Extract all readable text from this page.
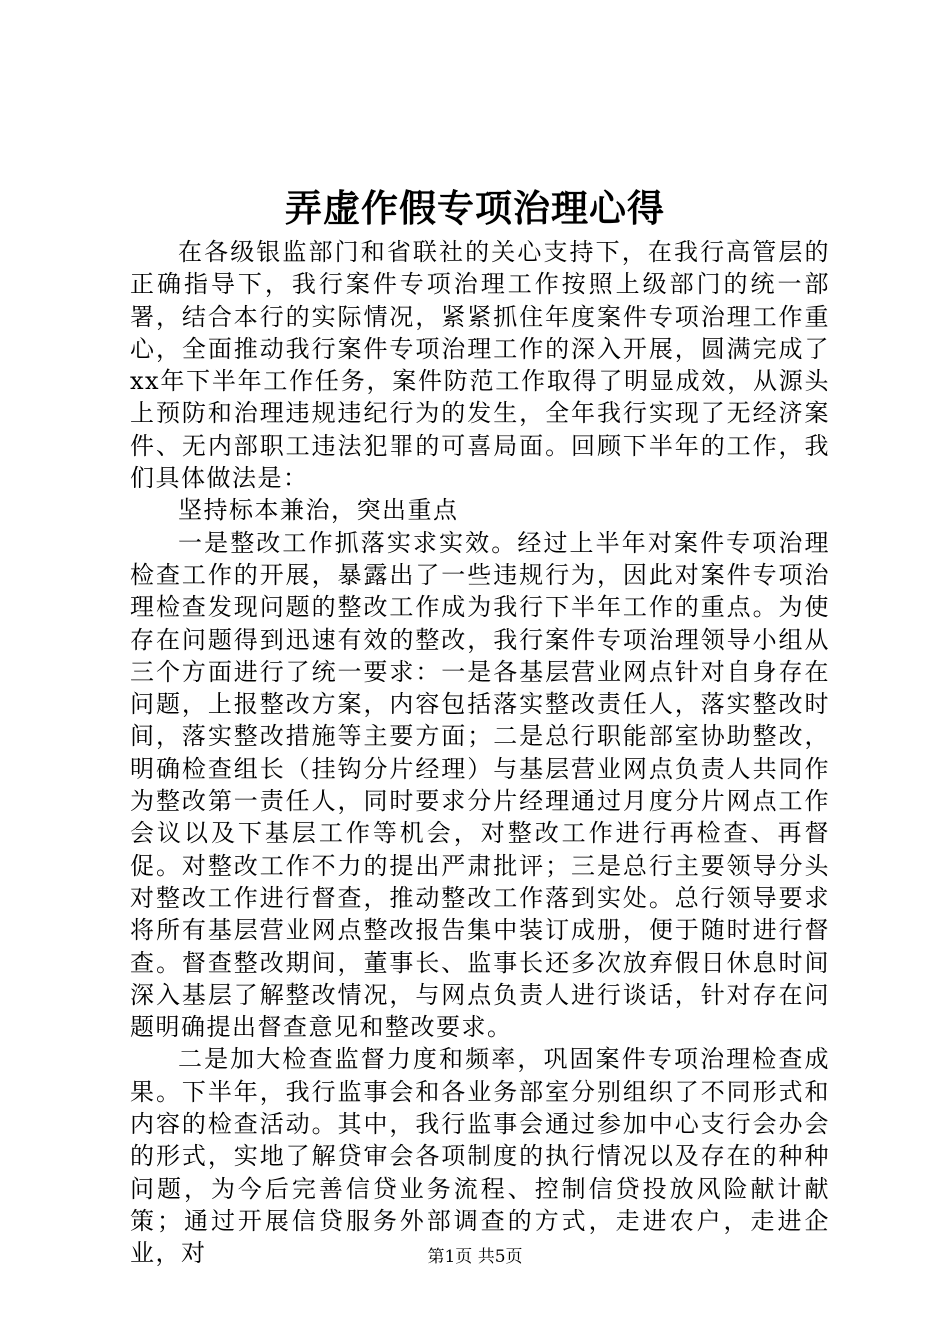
弄虚作假专项治理心得

在各级银监部门和省联社的关心支持下，在我行高管层的正确指导下，我行案件专项治理工作按照上级部门的统一部署，结合本行的实际情况，紧紧抓住年度案件专项治理工作重心，全面推动我行案件专项治理工作的深入开展，圆满完成了xx年下半年工作任务，案件防范工作取得了明显成效，从源头上预防和治理违规违纪行为的发生，全年我行实现了无经济案件、无内部职工违法犯罪的可喜局面。回顾下半年的工作，我们具体做法是：

坚持标本兼治，突出重点

一是整改工作抓落实求实效。经过上半年对案件专项治理检查工作的开展，暴露出了一些违规行为，因此对案件专项治理检查发现问题的整改工作成为我行下半年工作的重点。为使存在问题得到迅速有效的整改，我行案件专项治理领导小组从三个方面进行了统一要求：一是各基层营业网点针对自身存在问题，上报整改方案，内容包括落实整改责任人，落实整改时间，落实整改措施等主要方面；二是总行职能部室协助整改，明确检查组长（挂钩分片经理）与基层营业网点负责人共同作为整改第一责任人，同时要求分片经理通过月度分片网点工作会议以及下基层工作等机会，对整改工作进行再检查、再督促。对整改工作不力的提出严肃批评；三是总行主要领导分头对整改工作进行督查，推动整改工作落到实处。总行领导要求将所有基层营业网点整改报告集中装订成册，便于随时进行督查。督查整改期间，董事长、监事长还多次放弃假日休息时间深入基层了解整改情况，与网点负责人进行谈话，针对存在问题明确提出督查意见和整改要求。

二是加大检查监督力度和频率，巩固案件专项治理检查成果。下半年，我行监事会和各业务部室分别组织了不同形式和内容的检查活动。其中，我行监事会通过参加中心支行会办会的形式，实地了解贷审会各项制度的执行情况以及存在的种种问题，为今后完善信贷业务流程、控制信贷投放风险献计献策；通过开展信贷服务外部调查的方式，走进农户，走进企业，对	第1页 共5页
